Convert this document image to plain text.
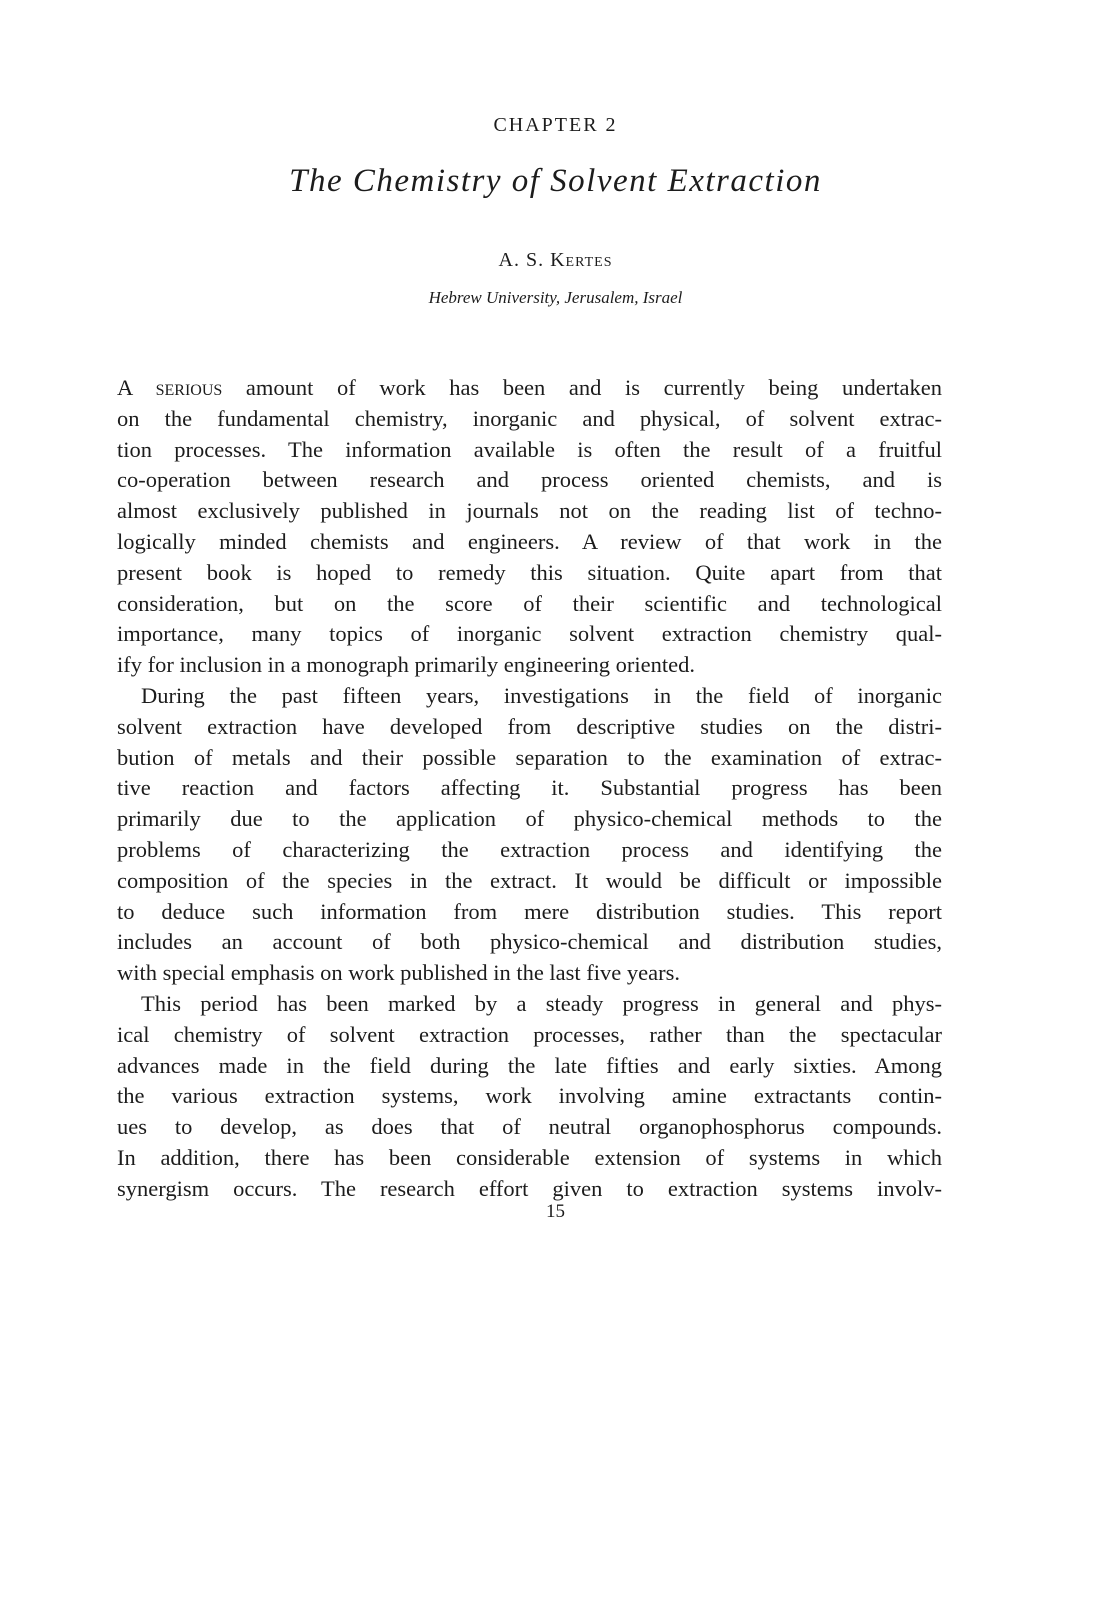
CHAPTER 2

The Chemistry of Solvent Extraction

A. S. Kertes

Hebrew University, Jerusalem, Israel

A serious amount of work has been and is currently being undertaken
on the fundamental chemistry, inorganic and physical, of solvent extrac-
tion processes. The information available is often the result of a fruitful
co-operation between research and process oriented chemists, and is
almost exclusively published in journals not on the reading list of techno-
logically minded chemists and engineers. A review of that work in the
present book is hoped to remedy this situation. Quite apart from that
consideration, but on the score of their scientific and technological
importance, many topics of inorganic solvent extraction chemistry qual-
ify for inclusion in a monograph primarily engineering oriented.

During the past fifteen years, investigations in the field of inorganic
solvent extraction have developed from descriptive studies on the distri-
bution of metals and their possible separation to the examination of extrac-
tive reaction and factors affecting it. Substantial progress has been
primarily due to the application of physico-chemical methods to the
problems of characterizing the extraction process and identifying the
composition of the species in the extract. It would be difficult or impossible
to deduce such information from mere distribution studies. This report
includes an account of both physico-chemical and distribution studies,
with special emphasis on work published in the last five years.

This period has been marked by a steady progress in general and phys-
ical chemistry of solvent extraction processes, rather than the spectacular
advances made in the field during the late fifties and early sixties. Among
the various extraction systems, work involving amine extractants contin-
ues to develop, as does that of neutral organophosphorus compounds.
In addition, there has been considerable extension of systems in which
synergism occurs. The research effort given to extraction systems involv-

15
